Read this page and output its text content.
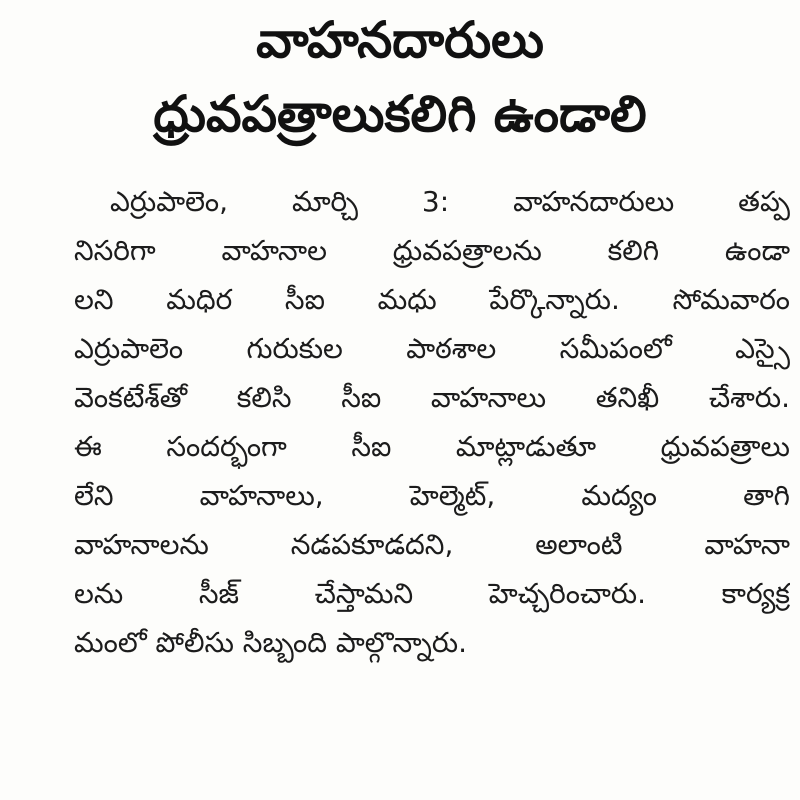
వాహనదారులు
ధ్రువపత్రాలుకలిగి ఉండాలి
ఎర్రుపాలెం, మార్చి 3: వాహనదారులు తప్ప
నిసరిగా వాహనాల ధ్రువపత్రాలను కలిగి ఉండా
లని మధిర సీఐ మధు పేర్కొన్నారు. సోమవారం
ఎర్రుపాలెం గురుకుల పాఠశాల సమీపంలో ఎస్సై
వెంకటేశ్‌తో కలిసి సీఐ వాహనాలు తనిఖీ చేశారు.
ఈ సందర్భంగా సీఐ మాట్లాడుతూ ధ్రువపత్రాలు
లేని వాహనాలు, హెల్మెట్, మద్యం తాగి
వాహనాలను నడపకూడదని, అలాంటి వాహనా
లను సీజ్ చేస్తామని హెచ్చరించారు. కార్యక్ర
మంలో పోలీసు సిబ్బంది పాల్గొన్నారు.
